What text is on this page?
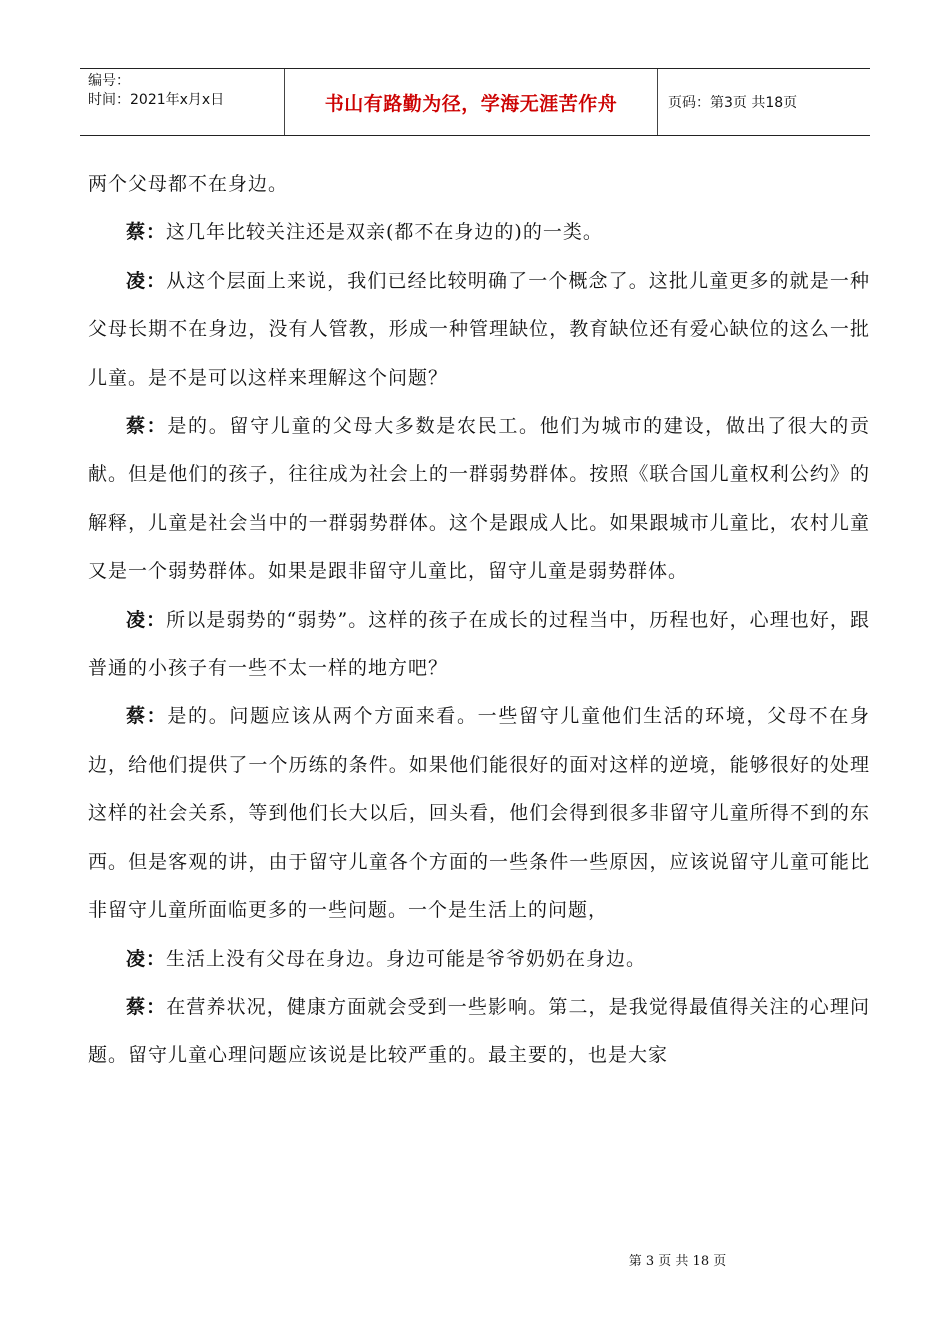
编号：
时间：2021年x月x日	书山有路勤为径，学海无涯苦作舟	页码：第3页 共18页

两个父母都不在身边。

蔡：这几年比较关注还是双亲(都不在身边的)的一类。

凌：从这个层面上来说，我们已经比较明确了一个概念了。这批儿童更多的就是一种父母长期不在身边，没有人管教，形成一种管理缺位，教育缺位还有爱心缺位的这么一批儿童。是不是可以这样来理解这个问题？

蔡：是的。留守儿童的父母大多数是农民工。他们为城市的建设，做出了很大的贡献。但是他们的孩子，往往成为社会上的一群弱势群体。按照《联合国儿童权利公约》的解释，儿童是社会当中的一群弱势群体。这个是跟成人比。如果跟城市儿童比，农村儿童又是一个弱势群体。如果是跟非留守儿童比，留守儿童是弱势群体。

凌：所以是弱势的“弱势”。这样的孩子在成长的过程当中，历程也好，心理也好，跟普通的小孩子有一些不太一样的地方吧？

蔡：是的。问题应该从两个方面来看。一些留守儿童他们生活的环境，父母不在身边，给他们提供了一个历练的条件。如果他们能很好的面对这样的逆境，能够很好的处理这样的社会关系，等到他们长大以后，回头看，他们会得到很多非留守儿童所得不到的东西。但是客观的讲，由于留守儿童各个方面的一些条件一些原因，应该说留守儿童可能比非留守儿童所面临更多的一些问题。一个是生活上的问题，

凌：生活上没有父母在身边。身边可能是爷爷奶奶在身边。

蔡：在营养状况，健康方面就会受到一些影响。第二，是我觉得最值得关注的心理问题。留守儿童心理问题应该说是比较严重的。最主要的，也是大家

第 3 页 共 18 页
